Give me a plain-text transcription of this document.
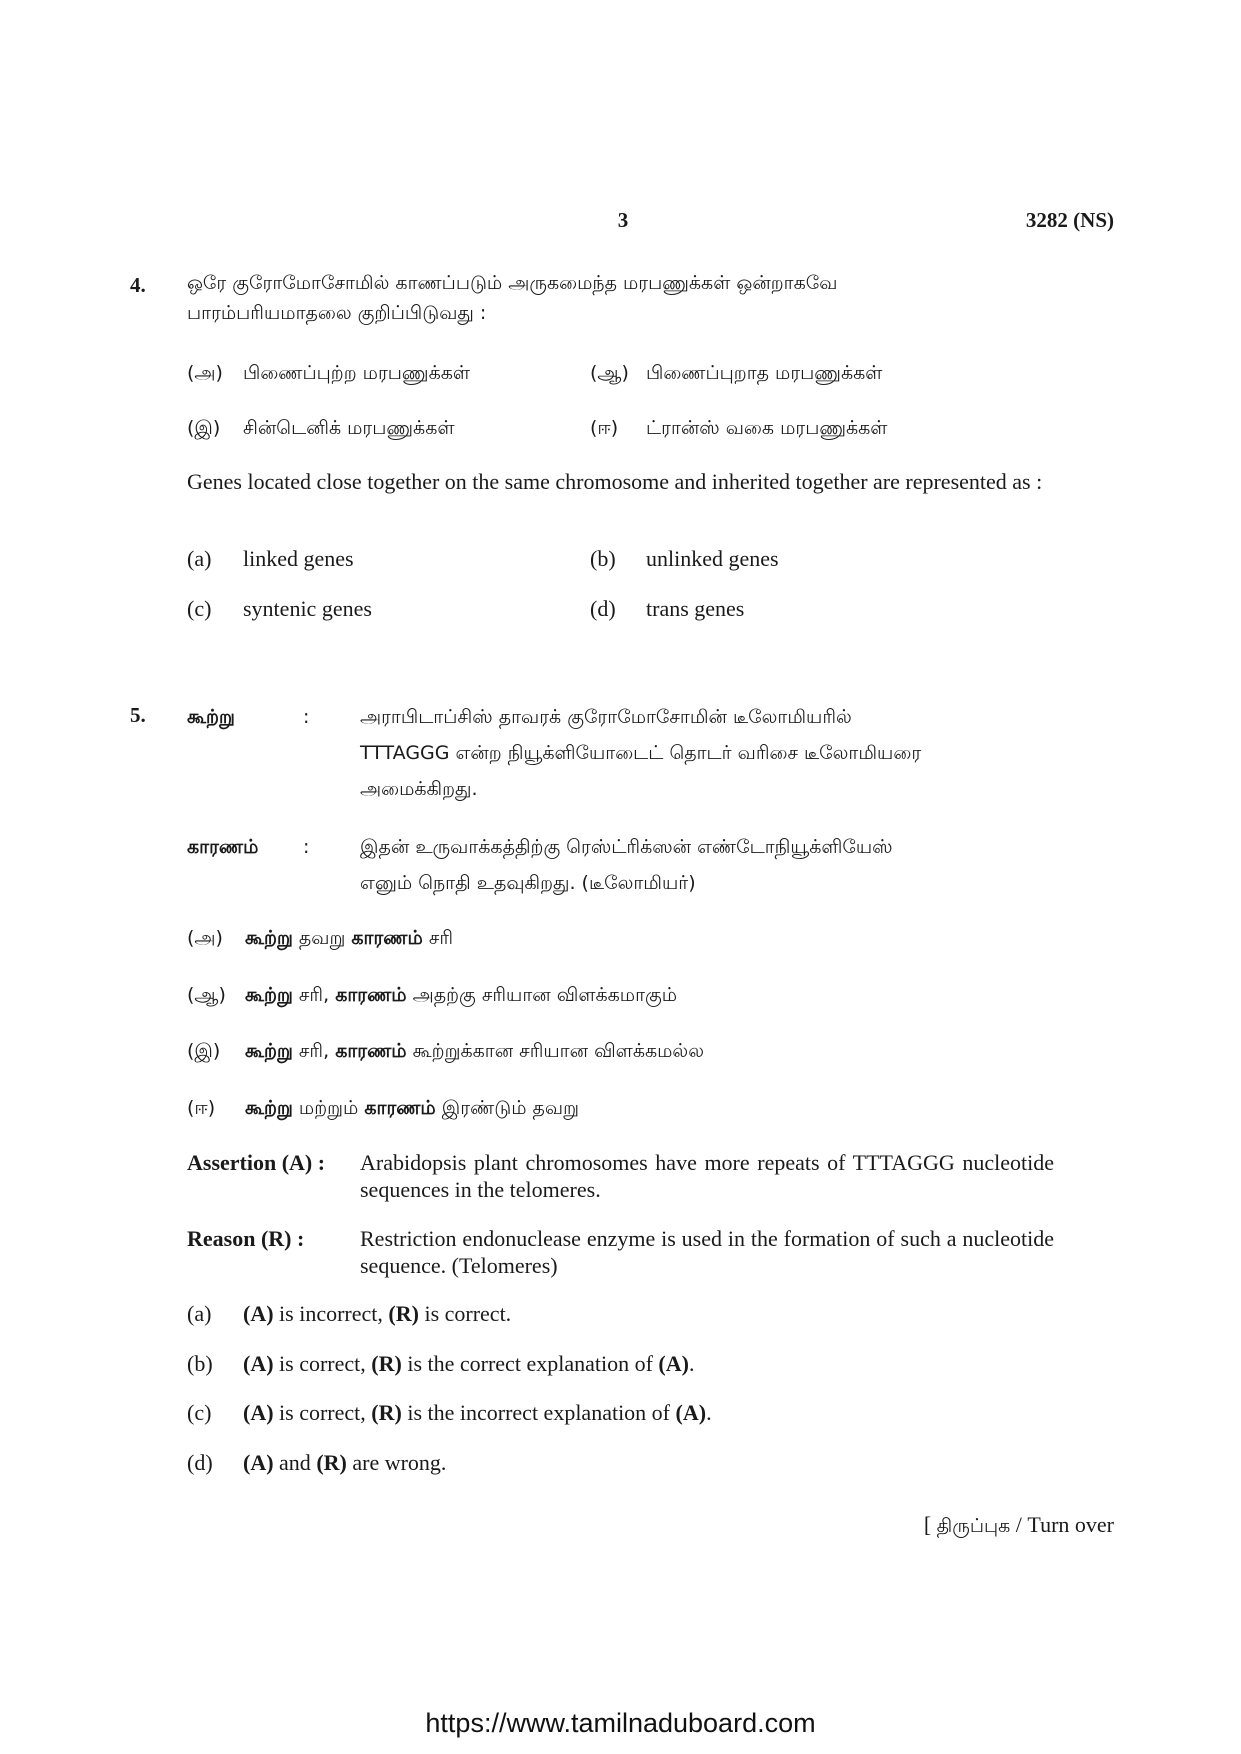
3	3282 (NS)
4. ஒரே குரோமோசோமில் காணப்படும் அருகமைந்த மரபணுக்கள் ஒன்றாகவே
பாரம்பரியமாதலை குறிப்பிடுவது :
(அ) பிணைப்புற்ற மரபணுக்கள்	(ஆ) பிணைப்புறாத மரபணுக்கள்
(இ) சின்டெனிக் மரபணுக்கள்	(ஈ) ட்ரான்ஸ் வகை மரபணுக்கள்
Genes located close together on the same chromosome and inherited together are represented as :
(a) linked genes	(b) unlinked genes
(c) syntenic genes	(d) trans genes
5. கூற்று	:	அராபிடாப்சிஸ் தாவரக் குரோமோசோமின் டீலோமியரில்
TTTAGGG என்ற நியூக்ளியோடைட் தொடர் வரிசை டீலோமியரை
அமைக்கிறது.
காரணம் :	இதன் உருவாக்கத்திற்கு ரெஸ்ட்ரிக்ஸன் எண்டோநியூக்ளியேஸ்
எனும் நொதி உதவுகிறது. (டீலோமியர்)
(அ) கூற்று தவறு காரணம் சரி
(ஆ) கூற்று சரி, காரணம் அதற்கு சரியான விளக்கமாகும்
(இ) கூற்று சரி, காரணம் கூற்றுக்கான சரியான விளக்கமல்ல
(ஈ) கூற்று மற்றும் காரணம் இரண்டும் தவறு
Assertion (A) : Arabidopsis plant chromosomes have more repeats of TTTAGGG nucleotide sequences in the telomeres.
Reason (R) :	Restriction endonuclease enzyme is used in the formation of such a nucleotide sequence. (Telomeres)
(a) (A) is incorrect, (R) is correct.
(b) (A) is correct, (R) is the correct explanation of (A).
(c) (A) is correct, (R) is the incorrect explanation of (A).
(d) (A) and (R) are wrong.
[ திருப்புக / Turn over
https://www.tamilnaduboard.com
